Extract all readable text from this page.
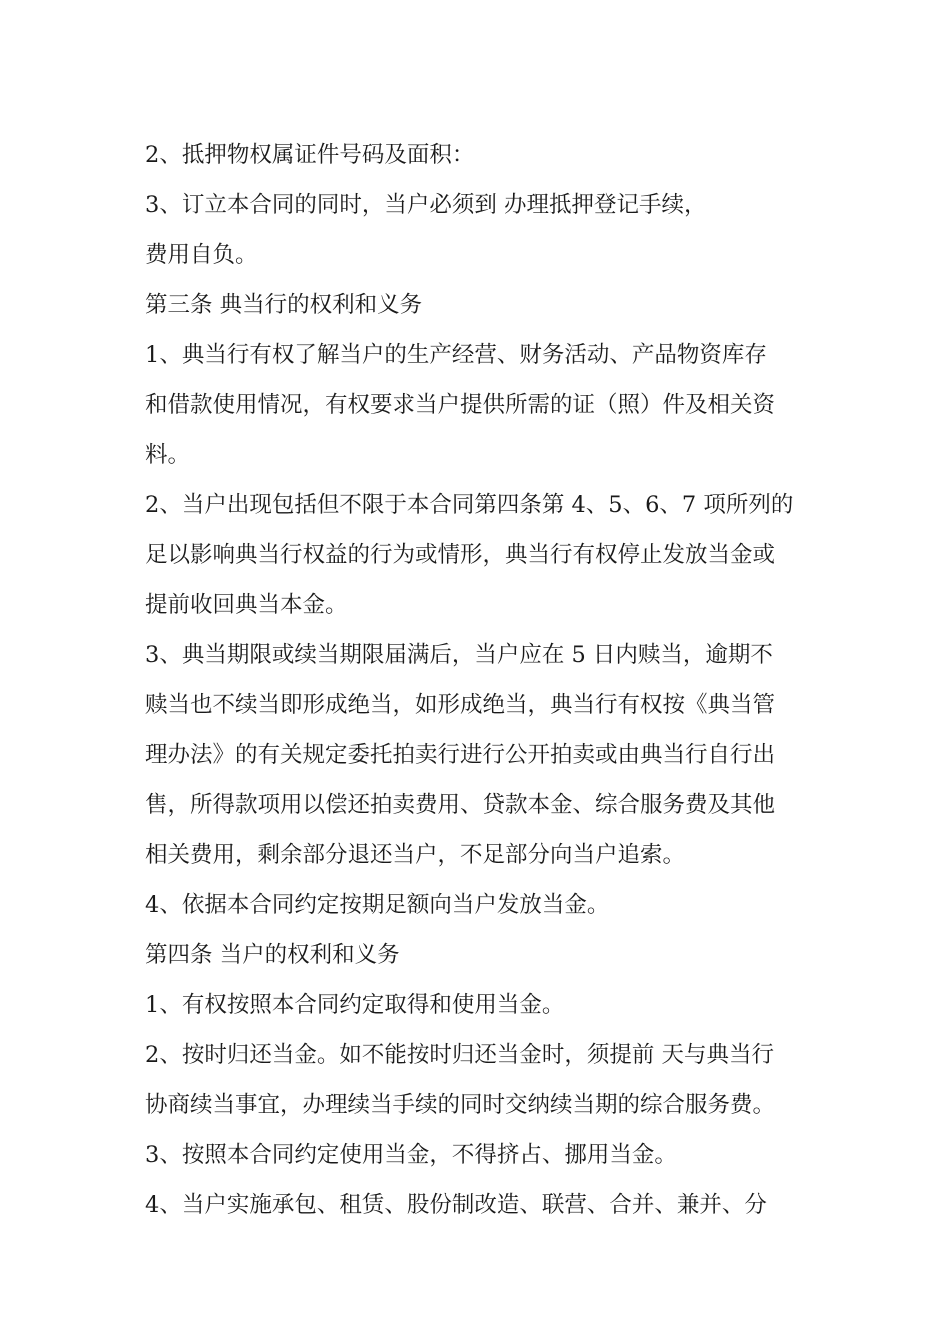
2、抵押物权属证件号码及面积：
3、订立本合同的同时，当户必须到 办理抵押登记手续，
费用自负。
第三条 典当行的权利和义务
1、典当行有权了解当户的生产经营、财务活动、产品物资库存
和借款使用情况，有权要求当户提供所需的证（照）件及相关资
料。
2、当户出现包括但不限于本合同第四条第 4、5、6、7 项所列的
足以影响典当行权益的行为或情形，典当行有权停止发放当金或
提前收回典当本金。
3、典当期限或续当期限届满后，当户应在 5 日内赎当，逾期不
赎当也不续当即形成绝当，如形成绝当，典当行有权按《典当管
理办法》的有关规定委托拍卖行进行公开拍卖或由典当行自行出
售，所得款项用以偿还拍卖费用、贷款本金、综合服务费及其他
相关费用，剩余部分退还当户，不足部分向当户追索。
4、依据本合同约定按期足额向当户发放当金。
第四条 当户的权利和义务
1、有权按照本合同约定取得和使用当金。
2、按时归还当金。如不能按时归还当金时，须提前 天与典当行
协商续当事宜，办理续当手续的同时交纳续当期的综合服务费。
3、按照本合同约定使用当金，不得挤占、挪用当金。
4、当户实施承包、租赁、股份制改造、联营、合并、兼并、分
